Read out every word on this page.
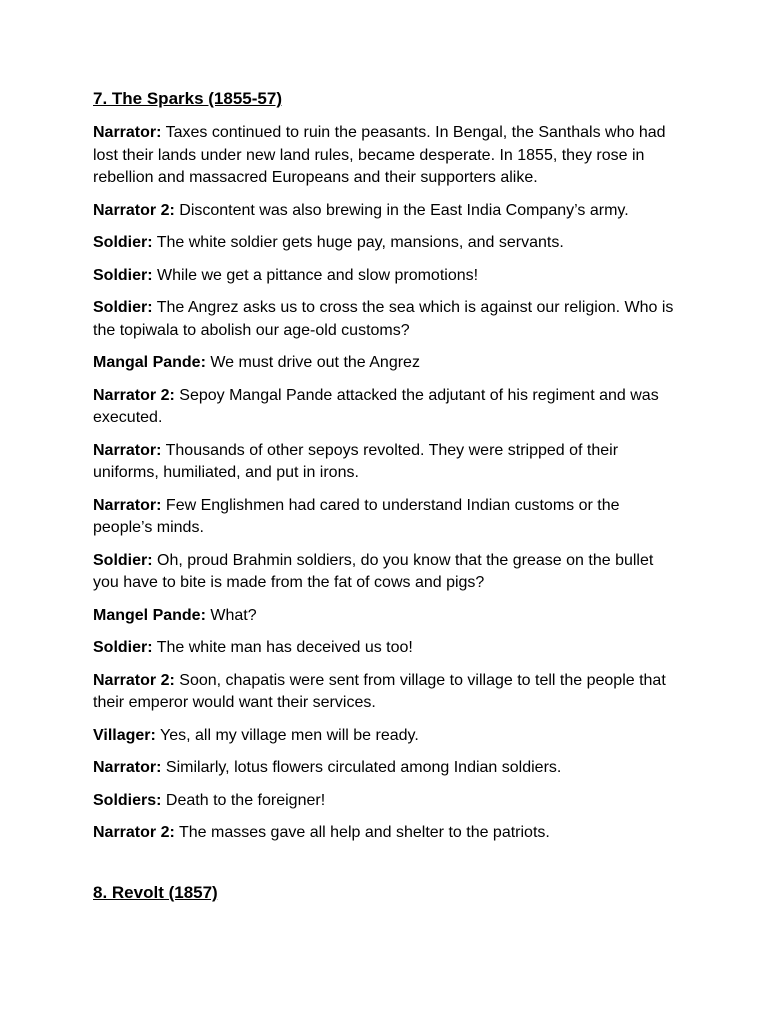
7. The Sparks (1855-57)

Narrator: Taxes continued to ruin the peasants. In Bengal, the Santhals who had lost their lands under new land rules, became desperate. In 1855, they rose in rebellion and massacred Europeans and their supporters alike.

Narrator 2: Discontent was also brewing in the East India Company’s army.

Soldier: The white soldier gets huge pay, mansions, and servants.

Soldier: While we get a pittance and slow promotions!

Soldier: The Angrez asks us to cross the sea which is against our religion. Who is the topiwala to abolish our age-old customs?

Mangal Pande: We must drive out the Angrez

Narrator 2: Sepoy Mangal Pande attacked the adjutant of his regiment and was executed.

Narrator: Thousands of other sepoys revolted. They were stripped of their uniforms, humiliated, and put in irons.

Narrator: Few Englishmen had cared to understand Indian customs or the people’s minds.

Soldier: Oh, proud Brahmin soldiers, do you know that the grease on the bullet you have to bite is made from the fat of cows and pigs?

Mangel Pande: What?

Soldier: The white man has deceived us too!

Narrator 2: Soon, chapatis were sent from village to village to tell the people that their emperor would want their services.

Villager: Yes, all my village men will be ready.

Narrator: Similarly, lotus flowers circulated among Indian soldiers.

Soldiers: Death to the foreigner!

Narrator 2: The masses gave all help and shelter to the patriots.

8. Revolt (1857)
